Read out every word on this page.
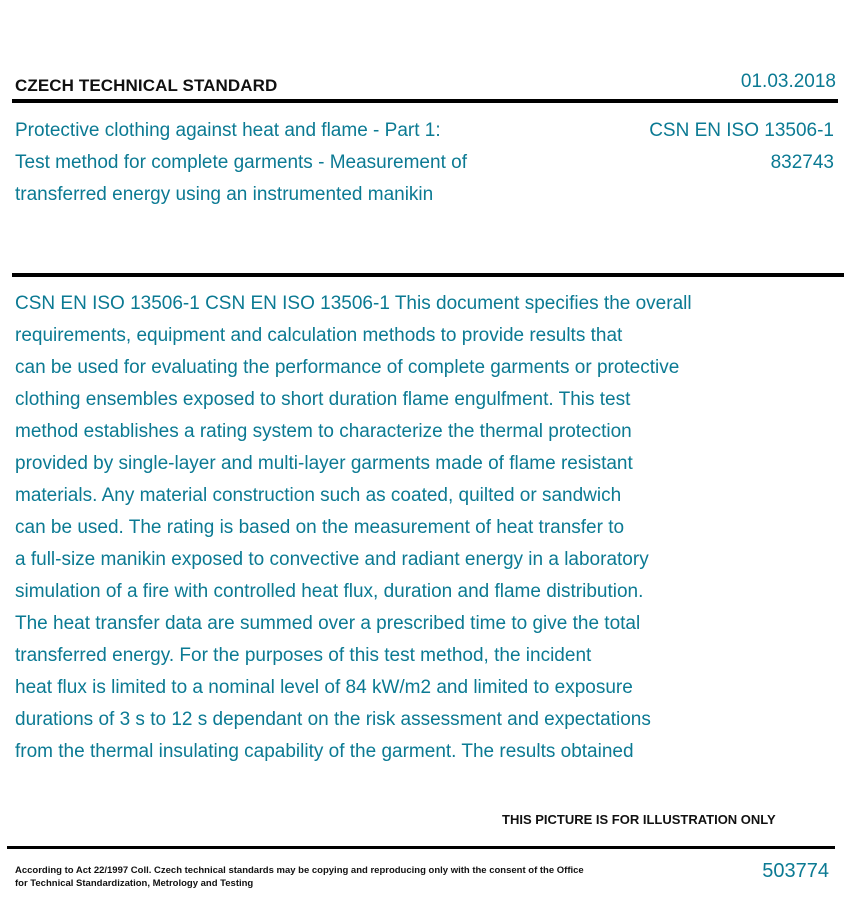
CZECH TECHNICAL STANDARD	01.03.2018
Protective clothing against heat and flame - Part 1:
Test method for complete garments - Measurement of
transferred energy using an instrumented manikin
CSN EN ISO 13506-1
832743

CSN EN ISO 13506-1 CSN EN ISO 13506-1 This document specifies the overall

requirements, equipment and calculation methods to provide results that

can be used for evaluating the performance of complete garments or protective

clothing ensembles exposed to short duration flame engulfment. This test

method establishes a rating system to characterize the thermal protection

provided by single-layer and multi-layer garments made of flame resistant

materials. Any material construction such as coated, quilted or sandwich

can be used. The rating is based on the measurement of heat transfer to

a full-size manikin exposed to convective and radiant energy in a laboratory

simulation of a fire with controlled heat flux, duration and flame distribution.

The heat transfer data are summed over a prescribed time to give the total

transferred energy. For the purposes of this test method, the incident

heat flux is limited to a nominal level of 84 kW/m2 and limited to exposure

durations of 3 s to 12 s dependant on the risk assessment and expectations

from the thermal insulating capability of the garment. The results obtained

THIS PICTURE IS FOR ILLUSTRATION ONLY
According to Act 22/1997 Coll. Czech technical standards may be copying and reproducing only with the consent of the Office
for Technical Standardization, Metrology and Testing
503774
